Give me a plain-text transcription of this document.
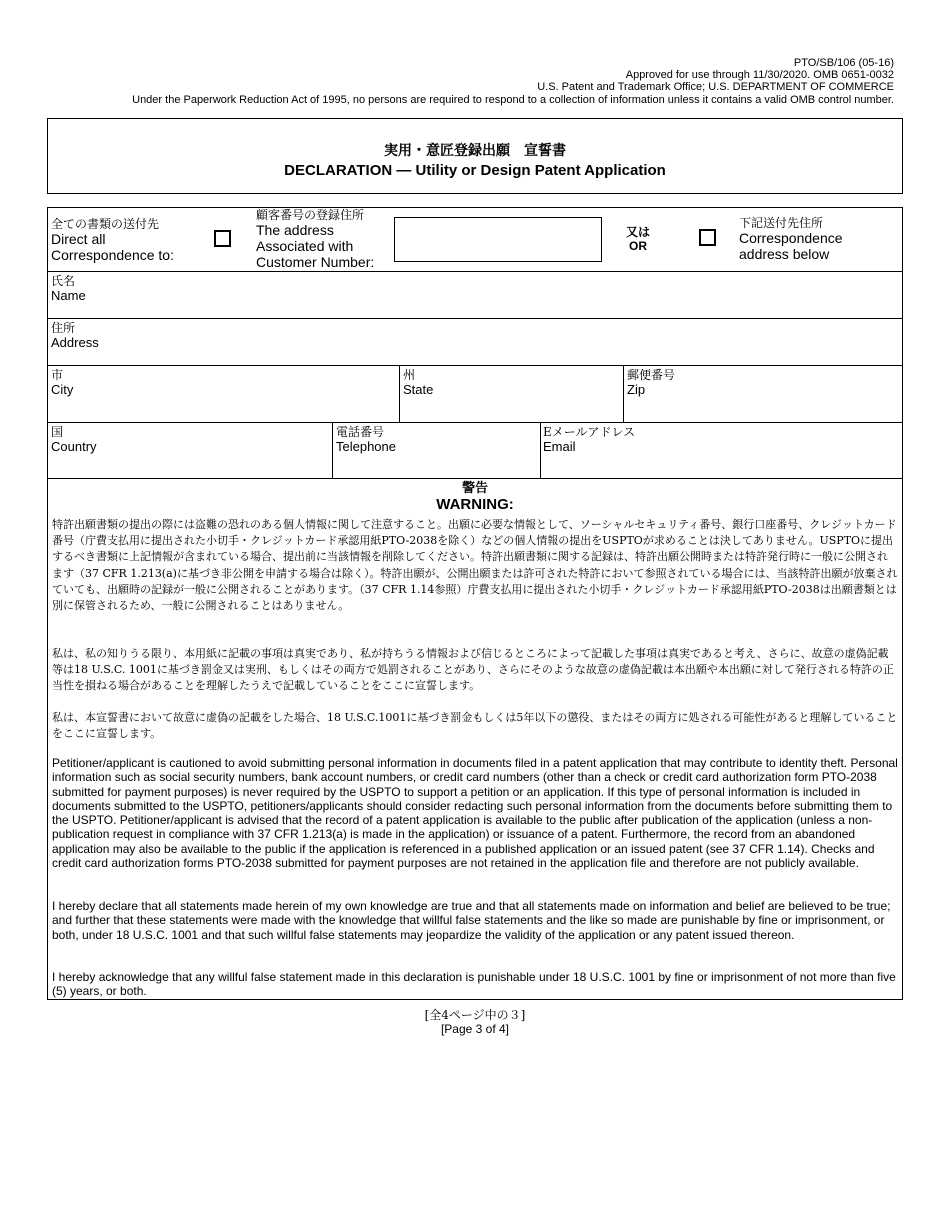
PTO/SB/106 (05-16)
Approved for use through 11/30/2020. OMB 0651-0032
U.S. Patent and Trademark Office; U.S. DEPARTMENT OF COMMERCE
Under the Paperwork Reduction Act of 1995, no persons are required to respond to a collection of information unless it contains a valid OMB control number.
実用・意匠登録出願　宣誓書
DECLARATION — Utility or Design Patent Application
全ての書類の送付先
Direct all
Correspondence to:
顧客番号の登録住所
The address
Associated with
Customer Number:
又は
OR
下記送付先住所
Correspondence
address below
氏名
Name
住所
Address
市
City
州
State
郵便番号
Zip
国
Country
電話番号
Telephone
Eメールアドレス
Email
警告
WARNING:
特許出願書類の提出の際には盗難の恐れのある個人情報に関して注意すること。出願に必要な情報として、ソーシャルセキュリティ番号、銀行口座番号、クレジットカード番号（庁費支払用に提出された小切手・クレジットカード承認用紙PTO-2038を除く）などの個人情報の提出をUSPTOが求めることは決してありません。USPTOに提出するべき書類に上記情報が含まれている場合、提出前に当該情報を削除してください。特許出願書類に関する記録は、特許出願公開時または特許発行時に一般に公開されます（37 CFR 1.213(a)に基づき非公開を申請する場合は除く）。特許出願が、公開出願または許可された特許において参照されている場合には、当該特許出願が放棄されていても、出願時の記録が一般に公開されることがあります。（37 CFR 1.14参照）庁費支払用に提出された小切手・クレジットカード承認用紙PTO-2038は出願書類とは別に保管されるため、一般に公開されることはありません。
私は、私の知りうる限り、本用紙に記載の事項は真実であり、私が持ちうる情報および信じるところによって記載した事項は真実であると考え、さらに、故意の虚偽記載等は18 U.S.C. 1001に基づき罰金又は実刑、もしくはその両方で処罰されることがあり、さらにそのような故意の虚偽記載は本出願や本出願に対して発行される特許の正当性を損ねる場合があることを理解したうえで記載していることをここに宣誓します。
私は、本宣誓書において故意に虚偽の記載をした場合、18 U.S.C.1001に基づき罰金もしくは5年以下の懲役、またはその両方に処される可能性があると理解していることをここに宣誓します。
Petitioner/applicant is cautioned to avoid submitting personal information in documents filed in a patent application that may contribute to identity theft. Personal information such as social security numbers, bank account numbers, or credit card numbers (other than a check or credit card authorization form PTO-2038 submitted for payment purposes) is never required by the USPTO to support a petition or an application. If this type of personal information is included in documents submitted to the USPTO, petitioners/applicants should consider redacting such personal information from the documents before submitting them to the USPTO. Petitioner/applicant is advised that the record of a patent application is available to the public after publication of the application (unless a non-publication request in compliance with 37 CFR 1.213(a) is made in the application) or issuance of a patent. Furthermore, the record from an abandoned application may also be available to the public if the application is referenced in a published application or an issued patent (see 37 CFR 1.14). Checks and credit card authorization forms PTO-2038 submitted for payment purposes are not retained in the application file and therefore are not publicly available.
I hereby declare that all statements made herein of my own knowledge are true and that all statements made on information and belief are believed to be true; and further that these statements were made with the knowledge that willful false statements and the like so made are punishable by fine or imprisonment, or both, under 18 U.S.C. 1001 and that such willful false statements may jeopardize the validity of the application or any patent issued thereon.
I hereby acknowledge that any willful false statement made in this declaration is punishable under 18 U.S.C. 1001 by fine or imprisonment of not more than five (5) years, or both.
[全4ページ中の３]
[Page 3 of 4]
